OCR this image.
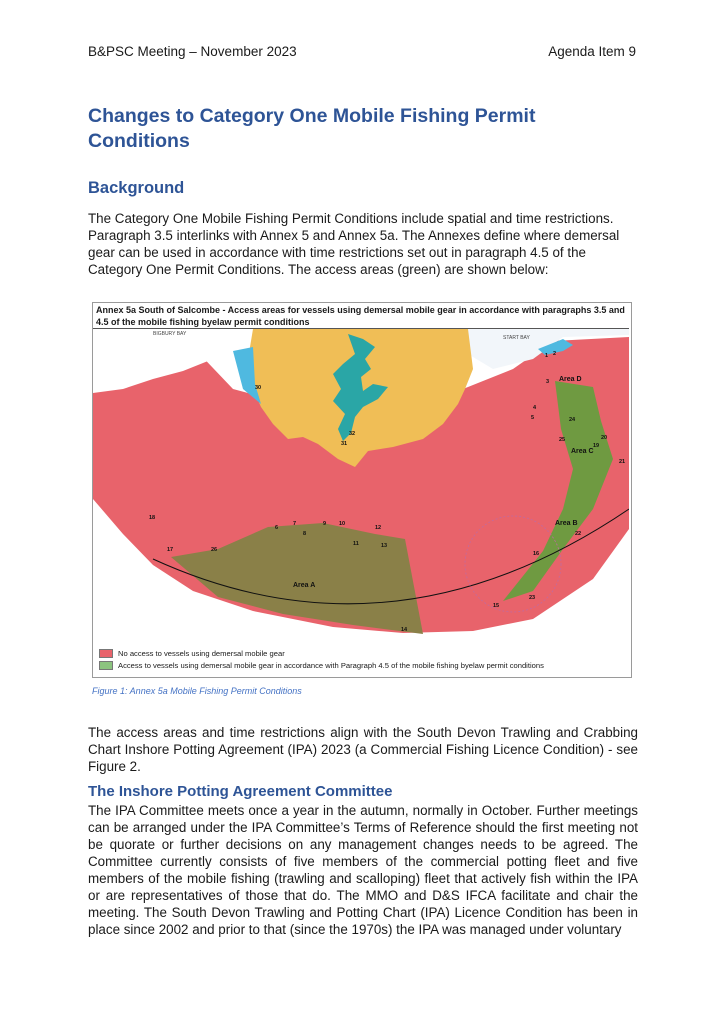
B&PSC Meeting – November 2023	Agenda Item 9
Changes to Category One Mobile Fishing Permit Conditions
Background

The Category One Mobile Fishing Permit Conditions include spatial and time restrictions. Paragraph 3.5 interlinks with Annex 5 and Annex 5a. The Annexes define where demersal gear can be used in accordance with time restrictions set out in paragraph 4.5 of the Category One Permit Conditions. The access areas (green) are shown below:

Annex 5a South of Salcombe - Access areas for vessels using demersal mobile gear in accordance with paragraphs 3.5 and 4.5 of the mobile fishing byelaw permit conditions
BIGBURY BAY
START BAY
Area A
Area B
Area C
Area D
1 2
3
4
5
6
7
8
9 10
11
12
13
14
15
16
17
18
19
20
21
22
23
24
25
26
30
31
32
No access to vessels using demersal mobile gear
Access to vessels using demersal mobile gear in accordance with Paragraph 4.5 of the mobile fishing byelaw permit conditions
Figure 1: Annex 5a Mobile Fishing Permit Conditions

The access areas and time restrictions align with the South Devon Trawling and Crabbing Chart Inshore Potting Agreement (IPA) 2023 (a Commercial Fishing Licence Condition) - see Figure 2.

The Inshore Potting Agreement Committee

The IPA Committee meets once a year in the autumn, normally in October. Further meetings can be arranged under the IPA Committee’s Terms of Reference should the first meeting not be quorate or further decisions on any management changes needs to be agreed. The Committee currently consists of five members of the commercial potting fleet and five members of the mobile fishing (trawling and scalloping) fleet that actively fish within the IPA or are representatives of those that do. The MMO and D&S IFCA facilitate and chair the meeting. The South Devon Trawling and Potting Chart (IPA) Licence Condition has been in place since 2002 and prior to that (since the 1970s) the IPA was managed under voluntary
